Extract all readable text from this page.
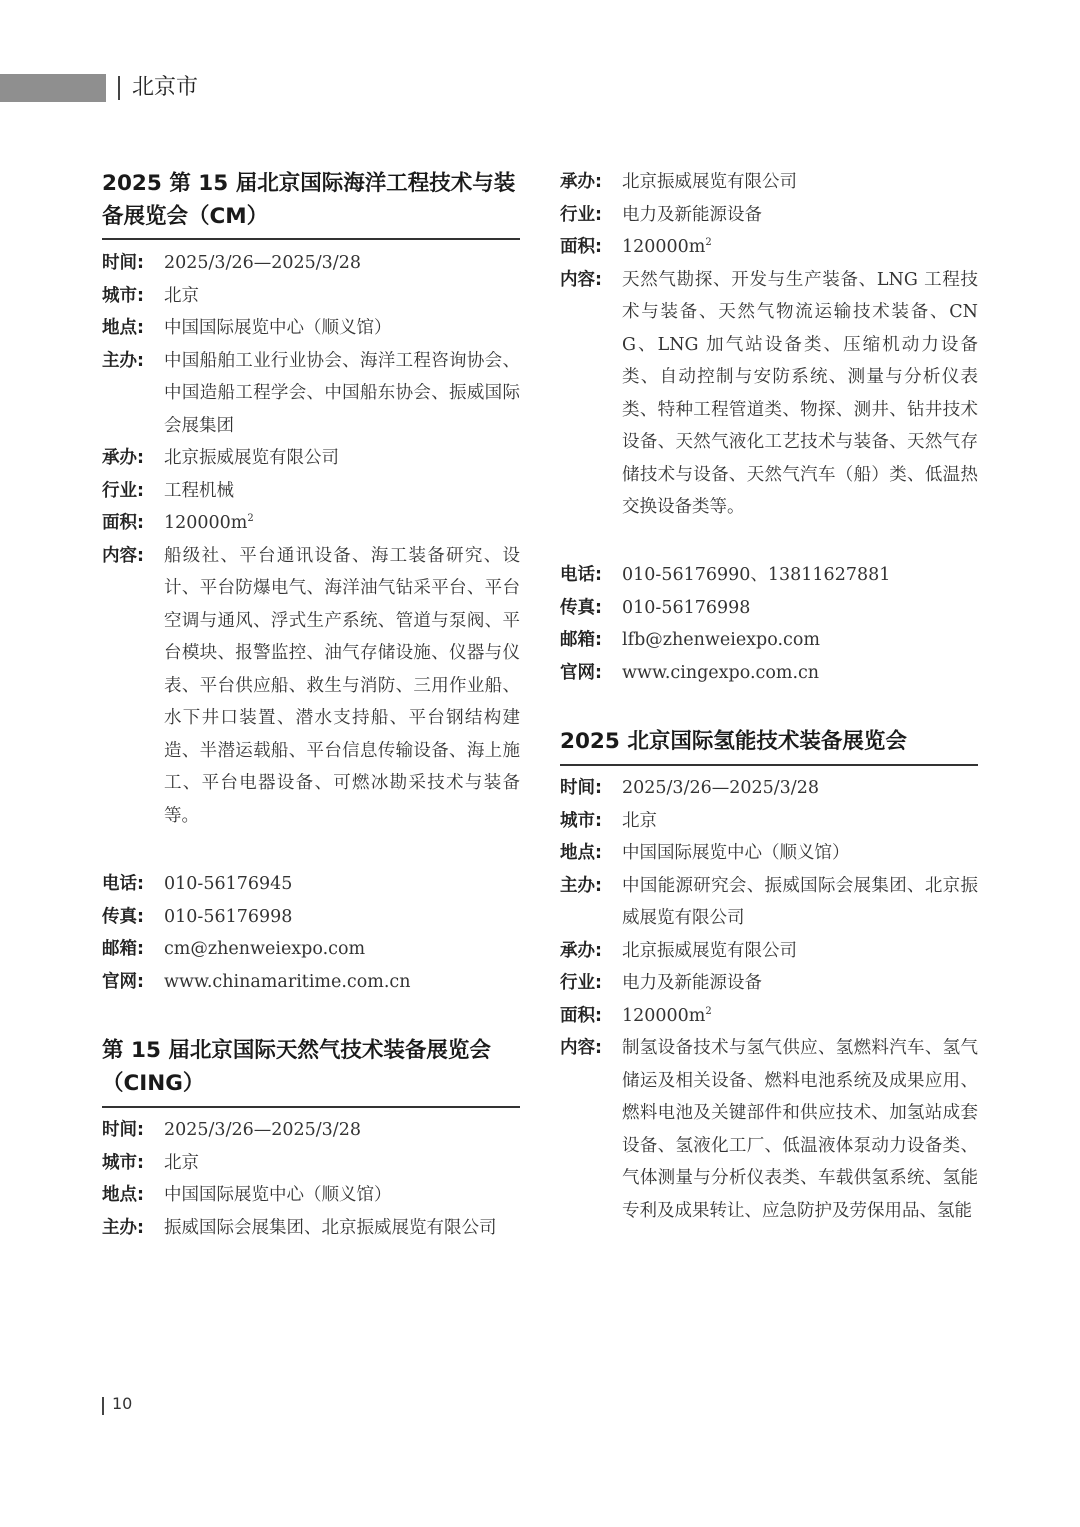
北京市
2025 第 15 届北京国际海洋工程技术与装
备展览会（CM）
时间:	2025/3/26—2025/3/28
城市:	北京
地点:	中国国际展览中心（顺义馆）
主办:	中国船舶工业行业协会、海洋工程咨询协会、中国造船工程学会、中国船东协会、振威国际会展集团
承办:	北京振威展览有限公司
行业:	工程机械
面积:	$120000m^2$
内容:	船级社、平台通讯设备、海工装备研究、设计、平台防爆电气、海洋油气钻采平台、平台空调与通风、浮式生产系统、管道与泵阀、平台模块、报警监控、油气存储设施、仪器与仪表、平台供应船、救生与消防、三用作业船、水下井口装置、潜水支持船、平台钢结构建造、半潜运载船、平台信息传输设备、海上施工、平台电器设备、可燃冰勘采技术与装备等。
电话:	010-56176945
传真:	010-56176998
邮箱:	cm@zhenweiexpo.com
官网:	www.chinamaritime.com.cn
第 15 届北京国际天然气技术装备展览会
（CING）
时间:	2025/3/26—2025/3/28
城市:	北京
地点:	中国国际展览中心（顺义馆）
主办:	振威国际会展集团、北京振威展览有限公司
承办:	北京振威展览有限公司
行业:	电力及新能源设备
面积:	$120000m^2$
内容:	天然气勘探、开发与生产装备、LNG 工程技术与装备、天然气物流运输技术装备、CNG、LNG 加气站设备类、压缩机动力设备类、自动控制与安防系统、测量与分析仪表类、特种工程管道类、物探、测井、钻井技术设备、天然气液化工艺技术与装备、天然气存储技术与设备、天然气汽车（船）类、低温热交换设备类等。
电话:	010-56176990、13811627881
传真:	010-56176998
邮箱:	lfb@zhenweiexpo.com
官网:	www.cingexpo.com.cn
2025 北京国际氢能技术装备展览会
时间:	2025/3/26—2025/3/28
城市:	北京
地点:	中国国际展览中心（顺义馆）
主办:	中国能源研究会、振威国际会展集团、北京振威展览有限公司
承办:	北京振威展览有限公司
行业:	电力及新能源设备
面积:	$120000m^2$
内容:	制氢设备技术与氢气供应、氢燃料汽车、氢气储运及相关设备、燃料电池系统及成果应用、燃料电池及关键部件和供应技术、加氢站成套设备、氢液化工厂、低温液体泵动力设备类、气体测量与分析仪表类、车载供氢系统、氢能专利及成果转让、应急防护及劳保用品、氢能
10
